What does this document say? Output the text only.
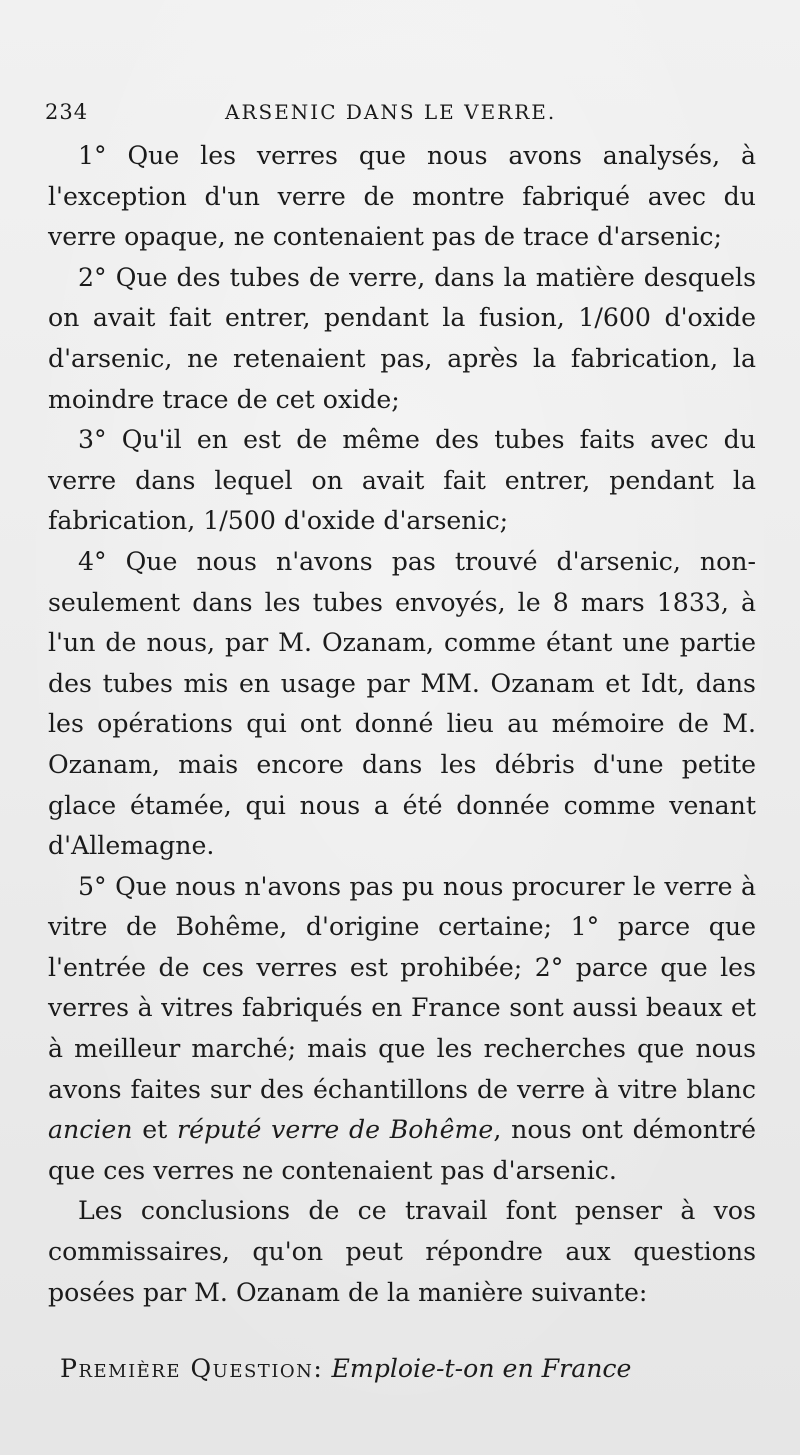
234	ARSENIC DANS LE VERRE.

1° Que les verres que nous avons analysés, à l'exception d'un verre de montre fabriqué avec du verre opaque, ne contenaient pas de trace d'arsenic;

2° Que des tubes de verre, dans la matière desquels on avait fait entrer, pendant la fusion, 1/600 d'oxide d'arsenic, ne retenaient pas, après la fabrication, la moindre trace de cet oxide;

3° Qu'il en est de même des tubes faits avec du verre dans lequel on avait fait entrer, pendant la fabrication, 1/500 d'oxide d'arsenic;

4° Que nous n'avons pas trouvé d'arsenic, non-seulement dans les tubes envoyés, le 8 mars 1833, à l'un de nous, par M. Ozanam, comme étant une partie des tubes mis en usage par MM. Ozanam et Idt, dans les opérations qui ont donné lieu au mémoire de M. Ozanam, mais encore dans les débris d'une petite glace étamée, qui nous a été donnée comme venant d'Allemagne.

5° Que nous n'avons pas pu nous procurer le verre à vitre de Bohême, d'origine certaine; 1° parce que l'entrée de ces verres est prohibée; 2° parce que les verres à vitres fabriqués en France sont aussi beaux et à meilleur marché; mais que les recherches que nous avons faites sur des échantillons de verre à vitre blanc ancien et réputé verre de Bohême, nous ont démontré que ces verres ne contenaient pas d'arsenic.

Les conclusions de ce travail font penser à vos commissaires, qu'on peut répondre aux questions posées par M. Ozanam de la manière suivante:

Première Question: Emploie-t-on en France
